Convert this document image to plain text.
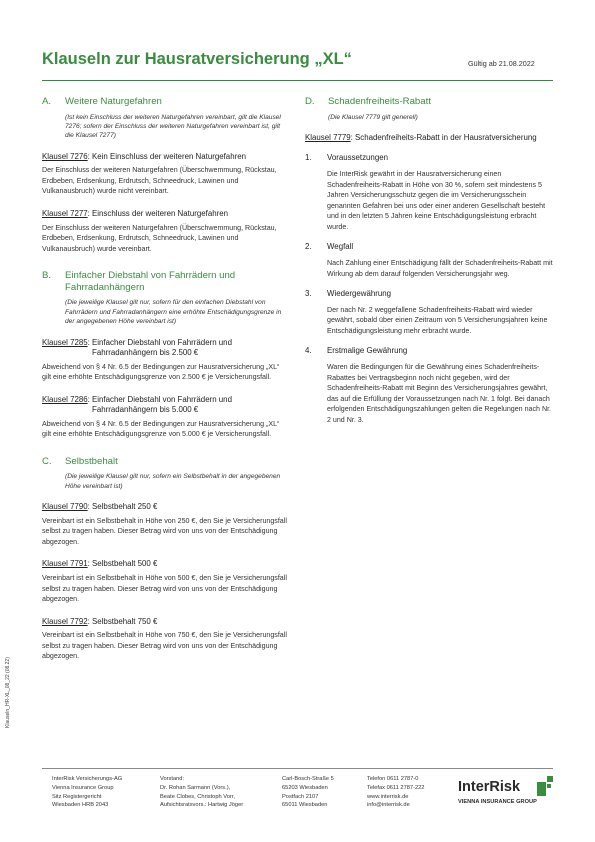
Klauseln zur Hausratversicherung „XL“	Gültig ab 21.08.2022
A.	Weitere Naturgefahren
(Ist kein Einschluss der weiteren Naturgefahren vereinbart, gilt die Klausel 7276; sofern der Einschluss der weiteren Naturgefahren vereinbart ist, gilt die Klausel 7277)
Klausel 7276 : Kein Einschluss der weiteren Naturgefahren
Der Einschluss der weiteren Naturgefahren (Überschwemmung, Rückstau, Erdbeben, Erdsenkung, Erdrutsch, Schneedruck, Lawinen und Vulkanausbruch) wurde nicht vereinbart.
Klausel 7277 : Einschluss der weiteren Naturgefahren
Der Einschluss der weiteren Naturgefahren (Überschwemmung, Rückstau, Erdbeben, Erdsenkung, Erdrutsch, Schneedruck, Lawinen und Vulkanausbruch) wurde vereinbart.
B.	Einfacher Diebstahl von Fahrrädern und Fahrradanhängern
(Die jeweilige Klausel gilt nur, sofern für den einfachen Diebstahl von Fahrrädern und Fahrradanhängern eine erhöhte Entschädigungsgrenze in der angegebenen Höhe vereinbart ist)
Klausel 7285 : Einfacher Diebstahl von Fahrrädern und Fahrradanhängern bis 2.500 €
Abweichend von § 4 Nr. 6.5 der Bedingungen zur Hausratversicherung „XL“ gilt eine erhöhte Entschädigungsgrenze von 2.500 € je Versicherungsfall.
Klausel 7286 : Einfacher Diebstahl von Fahrrädern und Fahrradanhängern bis 5.000 €
Abweichend von § 4 Nr. 6.5 der Bedingungen zur Hausratversicherung „XL“ gilt eine erhöhte Entschädigungsgrenze von 5.000 € je Versicherungsfall.
C.	Selbstbehalt
(Die jeweilige Klausel gilt nur, sofern ein Selbstbehalt in der angegebenen Höhe vereinbart ist)
Klausel 7790 : Selbstbehalt 250 €
Vereinbart ist ein Selbstbehalt in Höhe von 250 €, den Sie je Versicherungsfall selbst zu tragen haben. Dieser Betrag wird von uns von der Entschädigung abgezogen.
Klausel 7791 : Selbstbehalt 500 €
Vereinbart ist ein Selbstbehalt in Höhe von 500 €, den Sie je Versicherungsfall selbst zu tragen haben. Dieser Betrag wird von uns von der Entschädigung abgezogen.
Klausel 7792 : Selbstbehalt 750 €
Vereinbart ist ein Selbstbehalt in Höhe von 750 €, den Sie je Versicherungsfall selbst zu tragen haben. Dieser Betrag wird von uns von der Entschädigung abgezogen.
D.	Schadenfreiheits-Rabatt
(Die Klausel 7779 gilt generell)
Klausel 7779 : Schadenfreiheits-Rabatt in der Hausratversicherung
1.	Voraussetzungen
Die InterRisk gewährt in der Hausratversicherung einen Schadenfreiheits-Rabatt in Höhe von 30 %, sofern seit mindestens 5 Jahren Versicherungsschutz gegen die im Versicherungsschein genannten Gefahren bei uns oder einer anderen Gesellschaft besteht und in den letzten 5 Jahren keine Entschädigungsleistung erbracht wurde.
2.	Wegfall
Nach Zahlung einer Entschädigung fällt der Schadenfreiheits-Rabatt mit Wirkung ab dem darauf folgenden Versicherungsjahr weg.
3.	Wiedergewährung
Der nach Nr. 2 weggefallene Schadenfreiheits-Rabatt wird wieder gewährt, sobald über einen Zeitraum von 5 Versicherungsjahren keine Entschädigungsleistung mehr erbracht wurde.
4.	Erstmalige Gewährung
Waren die Bedingungen für die Gewährung eines Schadenfreiheits-Rabattes bei Vertragsbeginn noch nicht gegeben, wird der Schadenfreiheits-Rabatt mit Beginn des Versicherungsjahres gewährt, das auf die Erfüllung der Voraussetzungen nach Nr. 1 folgt. Bei danach erfolgenden Entschädigungszahlungen gelten die Regelungen nach Nr. 2 und Nr. 3.
Klauseln_HR-XL_08_22 (08.22)
InterRisk Versicherungs-AG
Vienna Insurance Group
Sitz Registergericht
Wiesbaden HRB 2043
Vorstand:
Dr. Rohan Sarmann (Vors.),
Beate Clobes, Christoph Vorr,
Aufsichtsratsvors.: Hartwig Jöger
Carl-Bosch-Straße 5
65203 Wiesbaden
Postfach 2107
65011 Wiesbaden
Telefon 0611 2787-0
Telefax 0611 2787-222
www.interrisk.de
info@interrisk.de
InterRisk
VIENNA INSURANCE GROUP
